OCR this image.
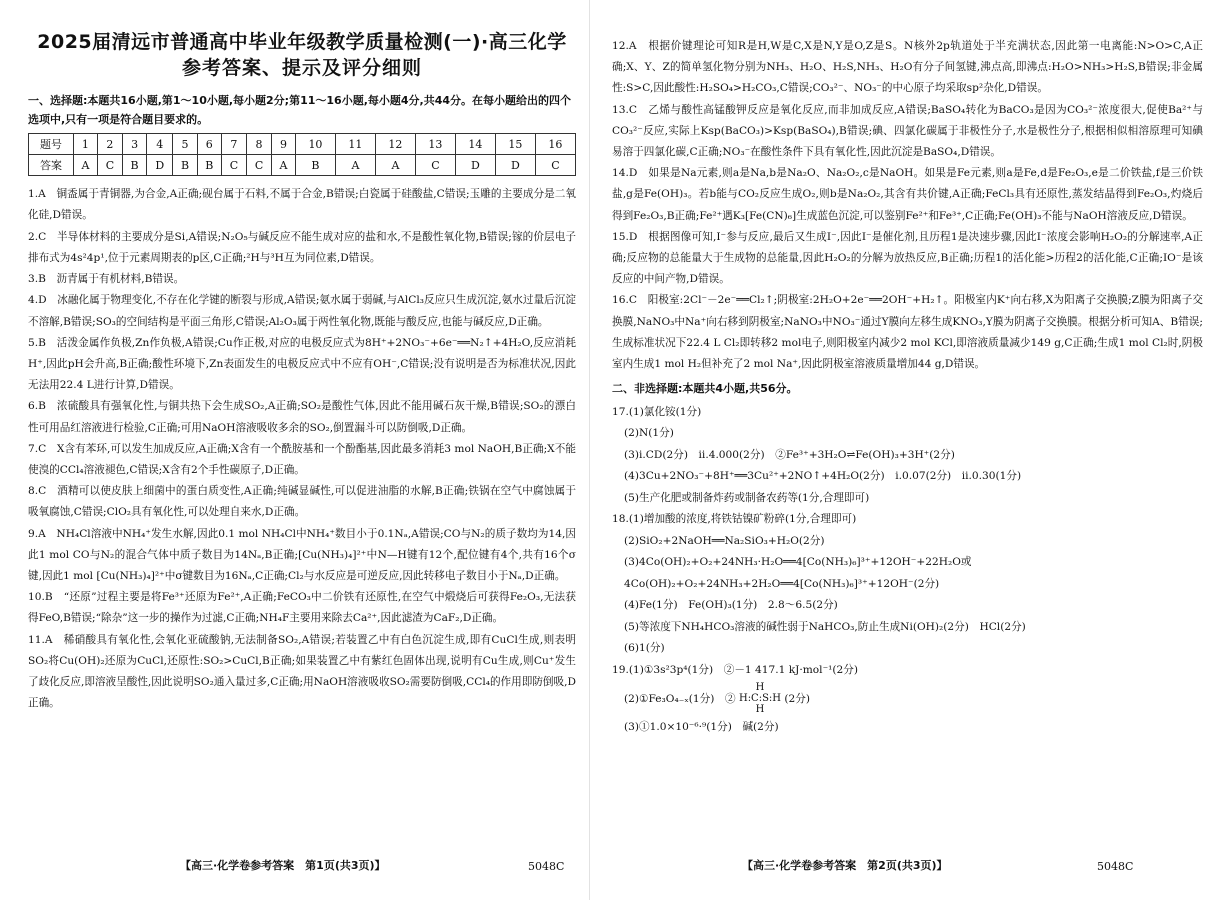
2025届清远市普通高中毕业年级教学质量检测(一)·高三化学
参考答案、提示及评分细则
一、选择题:本题共16小题,第1～10小题,每小题2分;第11～16小题,每小题4分,共44分。在每小题给出的四个选项中,只有一项是符合题目要求的。
题号	1	2	3	4	5	6	7	8	9	10	11	12	13	14	15	16
答案	A	C	B	D	B	B	C	C	A	B	A	A	C	D	D	C

1.A　铜盉属于青铜器,为合金,A正确;砚台属于石料,不属于合金,B错误;白瓷属于硅酸盐,C错误;玉雕的主要成分是二氧化硅,D错误。

2.C　半导体材料的主要成分是Si,A错误;N₂O₅与碱反应不能生成对应的盐和水,不是酸性氧化物,B错误;镓的价层电子排布式为4s²4p¹,位于元素周期表的p区,C正确;²H与³H互为同位素,D错误。

3.B　沥青属于有机材料,B错误。

4.D　冰融化属于物理变化,不存在化学键的断裂与形成,A错误;氨水属于弱碱,与AlCl₃反应只生成沉淀,氨水过量后沉淀不溶解,B错误;SO₃的空间结构是平面三角形,C错误;Al₂O₃属于两性氧化物,既能与酸反应,也能与碱反应,D正确。

5.B　活泼金属作负极,Zn作负极,A错误;Cu作正极,对应的电极反应式为8H⁺+2NO₃⁻+6e⁻══N₂↑+4H₂O,反应消耗H⁺,因此pH会升高,B正确;酸性环境下,Zn表面发生的电极反应式中不应有OH⁻,C错误;没有说明是否为标准状况,因此无法用22.4 L进行计算,D错误。

6.B　浓硫酸具有强氧化性,与铜共热下会生成SO₂,A正确;SO₂是酸性气体,因此不能用碱石灰干燥,B错误;SO₂的漂白性可用品红溶液进行检验,C正确;可用NaOH溶液吸收多余的SO₂,倒置漏斗可以防倒吸,D正确。

7.C　X含有苯环,可以发生加成反应,A正确;X含有一个酰胺基和一个酚酯基,因此最多消耗3 mol NaOH,B正确;X不能使溴的CCl₄溶液褪色,C错误;X含有2个手性碳原子,D正确。

8.C　酒精可以使皮肤上细菌中的蛋白质变性,A正确;纯碱显碱性,可以促进油脂的水解,B正确;铁锅在空气中腐蚀属于吸氧腐蚀,C错误;ClO₂具有氧化性,可以处理自来水,D正确。

9.A　NH₄Cl溶液中NH₄⁺发生水解,因此0.1 mol NH₄Cl中NH₄⁺数目小于0.1Nₐ,A错误;CO与N₂的质子数均为14,因此1 mol CO与N₂的混合气体中质子数目为14Nₐ,B正确;[Cu(NH₃)₄]²⁺中N—H键有12个,配位键有4个,共有16个σ键,因此1 mol [Cu(NH₃)₄]²⁺中σ键数目为16Nₐ,C正确;Cl₂与水反应是可逆反应,因此转移电子数目小于Nₐ,D正确。

10.B　“还原”过程主要是将Fe³⁺还原为Fe²⁺,A正确;FeCO₃中二价铁有还原性,在空气中煅烧后可获得Fe₂O₃,无法获得FeO,B错误;“除杂”这一步的操作为过滤,C正确;NH₄F主要用来除去Ca²⁺,因此滤渣为CaF₂,D正确。

11.A　稀硝酸具有氧化性,会氧化亚硫酸钠,无法制备SO₂,A错误;若装置乙中有白色沉淀生成,即有CuCl生成,则表明SO₂将Cu(OH)₂还原为CuCl,还原性:SO₂>CuCl,B正确;如果装置乙中有紫红色固体出现,说明有Cu生成,则Cu⁺发生了歧化反应,即溶液呈酸性,因此说明SO₂通入量过多,C正确;用NaOH溶液吸收SO₂需要防倒吸,CCl₄的作用即防倒吸,D正确。

【高三·化学卷参考答案　第1页(共3页)】	5048C

12.A　根据价键理论可知R是H,W是C,X是N,Y是O,Z是S。N核外2p轨道处于半充满状态,因此第一电离能:N>O>C,A正确;X、Y、Z的简单氢化物分别为NH₃、H₂O、H₂S,NH₃、H₂O有分子间氢键,沸点高,即沸点:H₂O>NH₃>H₂S,B错误;非金属性:S>C,因此酸性:H₂SO₄>H₂CO₃,C错误;CO₃²⁻、NO₃⁻的中心原子均采取sp²杂化,D错误。

13.C　乙烯与酸性高锰酸钾反应是氧化反应,而非加成反应,A错误;BaSO₄转化为BaCO₃是因为CO₃²⁻浓度很大,促使Ba²⁺与CO₃²⁻反应,实际上Ksp(BaCO₃)>Ksp(BaSO₄),B错误;碘、四氯化碳属于非极性分子,水是极性分子,根据相似相溶原理可知碘易溶于四氯化碳,C正确;NO₃⁻在酸性条件下具有氧化性,因此沉淀是BaSO₄,D错误。

14.D　如果是Na元素,则a是Na,b是Na₂O、Na₂O₂,c是NaOH。如果是Fe元素,则a是Fe,d是Fe₂O₃,e是二价铁盐,f是三价铁盐,g是Fe(OH)₃。若b能与CO₂反应生成O₂,则b是Na₂O₂,其含有共价键,A正确;FeCl₃具有还原性,蒸发结晶得到Fe₂O₃,灼烧后得到Fe₂O₃,B正确;Fe²⁺遇K₃[Fe(CN)₆]生成蓝色沉淀,可以鉴别Fe²⁺和Fe³⁺,C正确;Fe(OH)₃不能与NaOH溶液反应,D错误。

15.D　根据图像可知,I⁻参与反应,最后又生成I⁻,因此I⁻是催化剂,且历程1是决速步骤,因此I⁻浓度会影响H₂O₂的分解速率,A正确;反应物的总能量大于生成物的总能量,因此H₂O₂的分解为放热反应,B正确;历程1的活化能>历程2的活化能,C正确;IO⁻是该反应的中间产物,D错误。

16.C　阳极室:2Cl⁻－2e⁻══Cl₂↑;阴极室:2H₂O+2e⁻══2OH⁻+H₂↑。阳极室内K⁺向右移,X为阳离子交换膜;Z膜为阳离子交换膜,NaNO₃中Na⁺向右移到阴极室;NaNO₃中NO₃⁻通过Y膜向左移生成KNO₃,Y膜为阴离子交换膜。根据分析可知A、B错误;生成标准状况下22.4 L Cl₂即转移2 mol电子,则阳极室内减少2 mol KCl,即溶液质量减少149 g,C正确;生成1 mol Cl₂时,阴极室内生成1 mol H₂但补充了2 mol Na⁺,因此阴极室溶液质量增加44 g,D错误。

二、非选择题:本题共4小题,共56分。

17.(1)氯化铵(1分)

(2)N(1分)

(3)ⅰ.CD(2分)　ⅱ.4.000(2分)　②Fe³⁺+3H₂O⇌Fe(OH)₃+3H⁺(2分)

(4)3Cu+2NO₃⁻+8H⁺══3Cu²⁺+2NO↑+4H₂O(2分)　ⅰ.0.07(2分)　ⅱ.0.30(1分)

(5)生产化肥或制备炸药或制备农药等(1分,合理即可)

18.(1)增加酸的浓度,将铁钴镍矿粉碎(1分,合理即可)

(2)SiO₂+2NaOH══Na₂SiO₃+H₂O(2分)

(3)4Co(OH)₂+O₂+24NH₃·H₂O══4[Co(NH₃)₆]³⁺+12OH⁻+22H₂O或4Co(OH)₂+O₂+24NH₃+2H₂O══4[Co(NH₃)₆]³⁺+12OH⁻(2分)

(4)Fe(1分)　Fe(OH)₃(1分)　2.8～6.5(2分)

(5)等浓度下NH₄HCO₃溶液的碱性弱于NaHCO₃,防止生成Ni(OH)₂(2分)　HCl(2分)

(6)1(分)

19.(1)①3s²3p⁴(1分)　②－1 417.1 kJ·mol⁻¹(2分)

(2)①Fe₃O₄₋ₓ(1分)　② H
H:C:S:H
H (2分)

(3)①1.0×10⁻⁶·⁹(1分)　碱(2分)

【高三·化学卷参考答案　第2页(共3页)】	5048C
